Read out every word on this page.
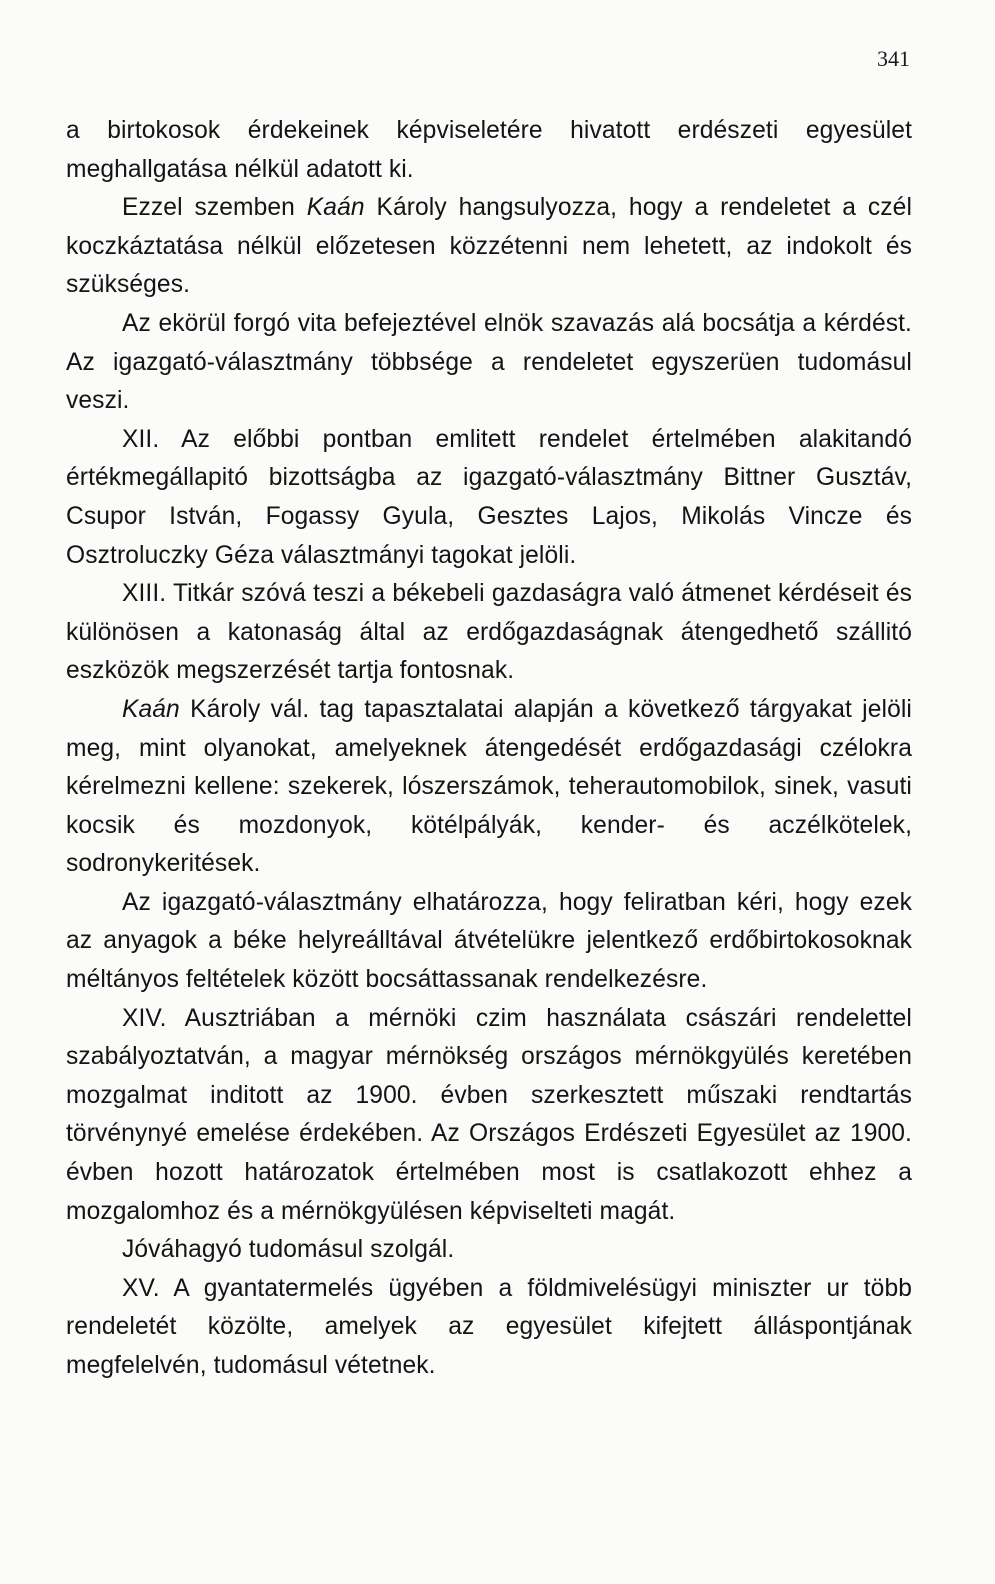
341

a birtokosok érdekeinek képviseletére hivatott erdészeti egyesület meghallgatása nélkül adatott ki.

Ezzel szemben Kaán Károly hangsulyozza, hogy a rendeletet a czél koczkáztatása nélkül előzetesen közzétenni nem lehetett, az indokolt és szükséges.

Az ekörül forgó vita befejeztével elnök szavazás alá bocsátja a kérdést. Az igazgató-választmány többsége a rendeletet egyszerüen tudomásul veszi.

XII. Az előbbi pontban emlitett rendelet értelmében alakitandó értékmegállapitó bizottságba az igazgató-választmány Bittner Gusztáv, Csupor István, Fogassy Gyula, Gesztes Lajos, Mikolás Vincze és Osztroluczky Géza választmányi tagokat jelöli.

XIII. Titkár szóvá teszi a békebeli gazdaságra való átmenet kérdéseit és különösen a katonaság által az erdőgazdaságnak átengedhető szállitó eszközök megszerzését tartja fontosnak.

Kaán Károly vál. tag tapasztalatai alapján a következő tárgyakat jelöli meg, mint olyanokat, amelyeknek átengedését erdőgazdasági czélokra kérelmezni kellene: szekerek, lószerszámok, teherautomobilok, sinek, vasuti kocsik és mozdonyok, kötélpályák, kender- és aczélkötelek, sodronykeritések.

Az igazgató-választmány elhatározza, hogy feliratban kéri, hogy ezek az anyagok a béke helyreálltával átvételükre jelentkező erdőbirtokosoknak méltányos feltételek között bocsáttassanak rendelkezésre.

XIV. Ausztriában a mérnöki czim használata császári rendelettel szabályoztatván, a magyar mérnökség országos mérnökgyülés keretében mozgalmat inditott az 1900. évben szerkesztett műszaki rendtartás törvénynyé emelése érdekében. Az Országos Erdészeti Egyesület az 1900. évben hozott határozatok értelmében most is csatlakozott ehhez a mozgalomhoz és a mérnökgyülésen képviselteti magát.

Jóváhagyó tudomásul szolgál.

XV. A gyantatermelés ügyében a földmivelésügyi miniszter ur több rendeletét közölte, amelyek az egyesület kifejtett álláspontjának megfelelvén, tudomásul vétetnek.
